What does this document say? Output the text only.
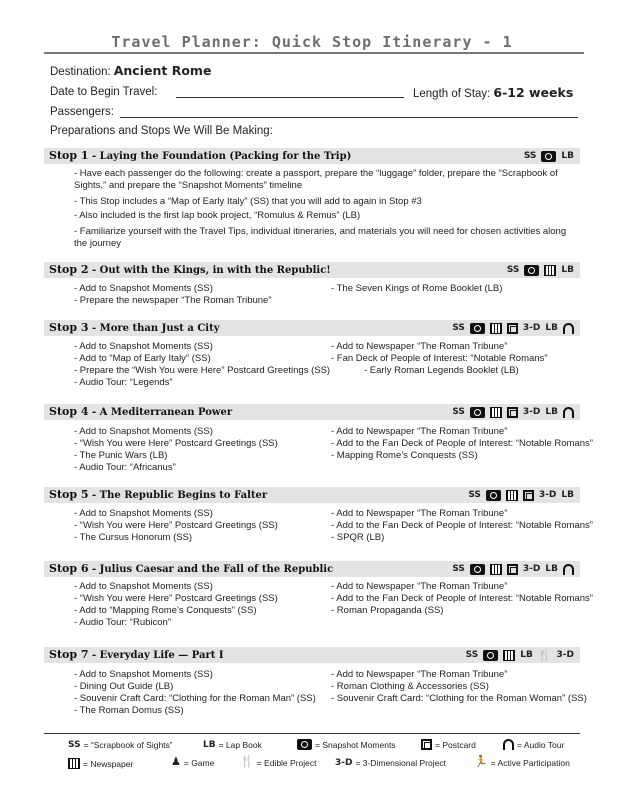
Travel Planner: Quick Stop Itinerary - 1
Destination: Ancient Rome
Date to Begin Travel:	Length of Stay: 6-12 weeks
Passengers:
Preparations and Stops We Will Be Making:
Stop 1 - Laying the Foundation (Packing for the Trip)	SS	LB
- Have each passenger do the following: create a passport, prepare the “luggage” folder, prepare the “Scrapbook of Sights,” and prepare the “Snapshot Moments” timeline
- This Stop includes a “Map of Early Italy” (SS) that you will add to again in Stop #3
- Also included is the first lap book project, “Romulus & Remus” (LB)
- Familiarize yourself with the Travel Tips, individual itineraries, and materials you will need for chosen activities along the journey
Stop 2 - Out with the Kings, in with the Republic!	SS	LB
- Add to Snapshot Moments (SS)
- Prepare the newspaper “The Roman Tribune”
- The Seven Kings of Rome Booklet (LB)
Stop 3 - More than Just a City	SS	3-D LB
- Add to Snapshot Moments (SS)
- Add to “Map of Early Italy” (SS)
- Prepare the “Wish You were Here” Postcard Greetings (SS)
- Audio Tour: “Legends”
- Add to Newspaper “The Roman Tribune”
- Fan Deck of People of Interest: “Notable Romans”
- Early Roman Legends Booklet (LB)
Stop 4 - A Mediterranean Power	SS	3-D LB
- Add to Snapshot Moments (SS)
- “Wish You were Here” Postcard Greetings (SS)
- The Punic Wars (LB)
- Audio Tour: “Africanus”
- Add to Newspaper “The Roman Tribune”
- Add to the Fan Deck of People of Interest: “Notable Romans”
- Mapping Rome’s Conquests (SS)
Stop 5 - The Republic Begins to Falter	SS	3-D LB
- Add to Snapshot Moments (SS)
- “Wish You were Here” Postcard Greetings (SS)
- The Cursus Honorum (SS)
- Add to Newspaper “The Roman Tribune”
- Add to the Fan Deck of People of Interest: “Notable Romans”
- SPQR (LB)
Stop 6 - Julius Caesar and the Fall of the Republic	SS	3-D LB
- Add to Snapshot Moments (SS)
- “Wish You were Here” Postcard Greetings (SS)
- Add to “Mapping Rome’s Conquests” (SS)
- Audio Tour: “Rubicon”
- Add to Newspaper “The Roman Tribune”
- Add to the Fan Deck of People of Interest: “Notable Romans”
- Roman Propaganda (SS)
Stop 7 - Everyday Life — Part I	SS	LB 🍴 3-D
- Add to Snapshot Moments (SS)
- Dining Out Guide (LB)
- Souvenir Craft Card: “Clothing for the Roman Man” (SS)
- The Roman Domus (SS)
- Add to Newspaper “The Roman Tribune”
- Roman Clothing & Accessories (SS)
- Souvenir Craft Card: “Clothing for the Roman Woman” (SS)
SS = “Scrapbook of Sights”	LB = Lap Book	= Snapshot Moments	= Postcard	= Audio Tour
= Newspaper	♟ = Game 🍴 = Edible Project 3-D = 3-Dimensional Project	🏃 = Active Participation
